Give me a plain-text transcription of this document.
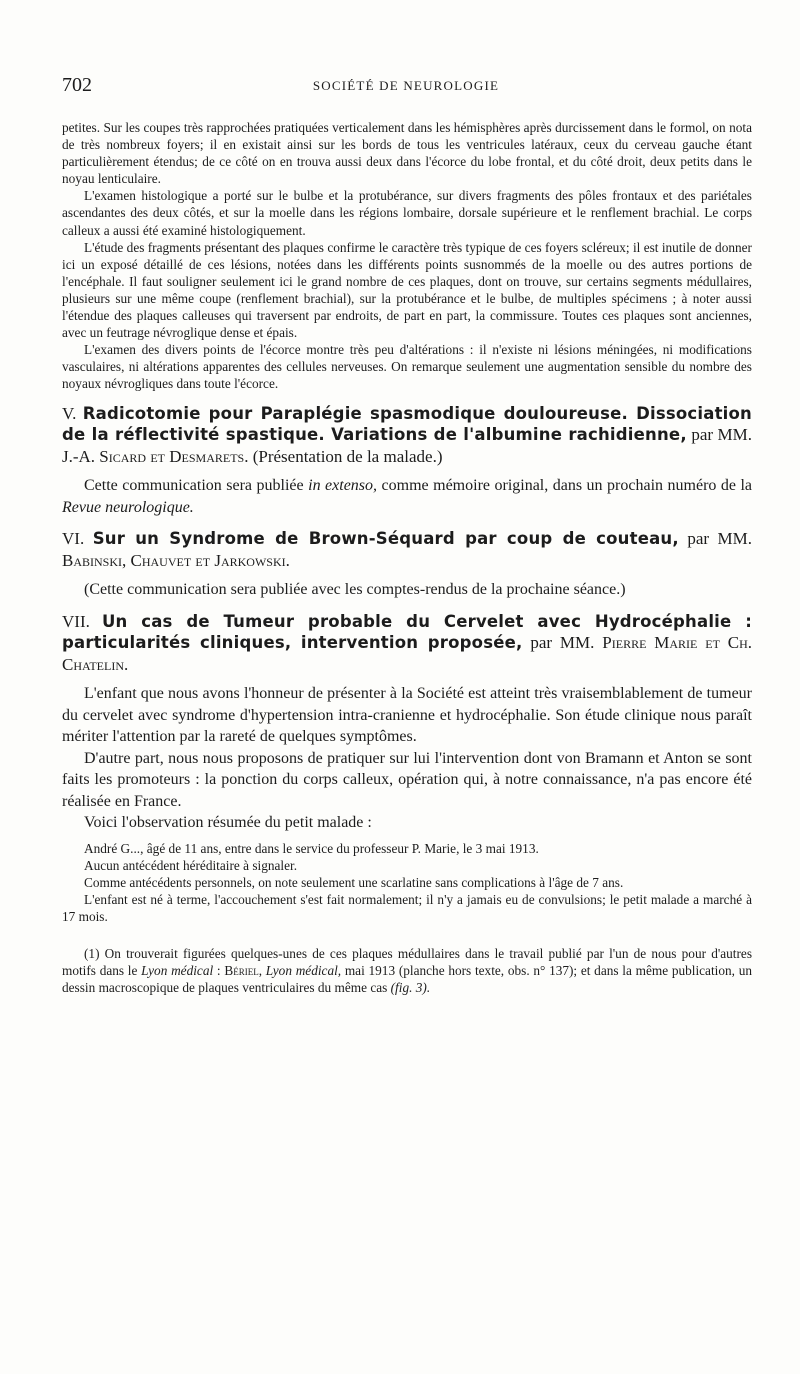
702	SOCIÉTÉ DE NEUROLOGIE

petites. Sur les coupes très rapprochées pratiquées verticalement dans les hémisphères après durcissement dans le formol, on nota de très nombreux foyers; il en existait ainsi sur les bords de tous les ventricules latéraux, ceux du cerveau gauche étant particulièrement étendus; de ce côté on en trouva aussi deux dans l'écorce du lobe frontal, et du côté droit, deux petits dans le noyau lenticulaire.

L'examen histologique a porté sur le bulbe et la protubérance, sur divers fragments des pôles frontaux et des pariétales ascendantes des deux côtés, et sur la moelle dans les régions lombaire, dorsale supérieure et le renflement brachial. Le corps calleux a aussi été examiné histologiquement.

L'étude des fragments présentant des plaques confirme le caractère très typique de ces foyers scléreux; il est inutile de donner ici un exposé détaillé de ces lésions, notées dans les différents points susnommés de la moelle ou des autres portions de l'encéphale. Il faut souligner seulement ici le grand nombre de ces plaques, dont on trouve, sur certains segments médullaires, plusieurs sur une même coupe (renflement brachial), sur la protubérance et le bulbe, de multiples spécimens ; à noter aussi l'étendue des plaques calleuses qui traversent par endroits, de part en part, la commissure. Toutes ces plaques sont anciennes, avec un feutrage névroglique dense et épais.

L'examen des divers points de l'écorce montre très peu d'altérations : il n'existe ni lésions méningées, ni modifications vasculaires, ni altérations apparentes des cellules nerveuses. On remarque seulement une augmentation sensible du nombre des noyaux névrogliques dans toute l'écorce.

V. Radicotomie pour Paraplégie spasmodique douloureuse. Dissociation de la réflectivité spastique. Variations de l'albumine rachidienne, par MM. J.-A. Sicard et Desmarets. (Présentation de la malade.)

Cette communication sera publiée in extenso, comme mémoire original, dans un prochain numéro de la Revue neurologique.

VI. Sur un Syndrome de Brown-Séquard par coup de couteau, par MM. Babinski, Chauvet et Jarkowski.

(Cette communication sera publiée avec les comptes-rendus de la prochaine séance.)

VII. Un cas de Tumeur probable du Cervelet avec Hydrocéphalie : particularités cliniques, intervention proposée, par MM. Pierre Marie et Ch. Chatelin.

L'enfant que nous avons l'honneur de présenter à la Société est atteint très vraisemblablement de tumeur du cervelet avec syndrome d'hypertension intra-cranienne et hydrocéphalie. Son étude clinique nous paraît mériter l'attention par la rareté de quelques symptômes.

D'autre part, nous nous proposons de pratiquer sur lui l'intervention dont von Bramann et Anton se sont faits les promoteurs : la ponction du corps calleux, opération qui, à notre connaissance, n'a pas encore été réalisée en France.

Voici l'observation résumée du petit malade :

André G..., âgé de 11 ans, entre dans le service du professeur P. Marie, le 3 mai 1913.

Aucun antécédent héréditaire à signaler.

Comme antécédents personnels, on note seulement une scarlatine sans complications à l'âge de 7 ans.

L'enfant est né à terme, l'accouchement s'est fait normalement; il n'y a jamais eu de convulsions; le petit malade a marché à 17 mois.

(1) On trouverait figurées quelques-unes de ces plaques médullaires dans le travail publié par l'un de nous pour d'autres motifs dans le Lyon médical : Bériel, Lyon médical, mai 1913 (planche hors texte, obs. n° 137); et dans la même publication, un dessin macroscopique de plaques ventriculaires du même cas (fig. 3).
